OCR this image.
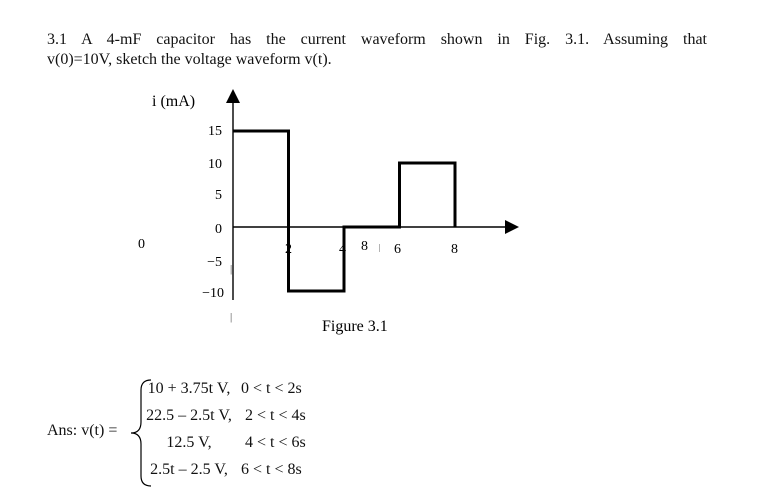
3.1 A 4-mF capacitor has the current waveform shown in Fig. 3.1. Assuming that
v(0)=10V, sketch the voltage waveform v(t).
i (mA)
15
10
5
0
−5
−10
0	2	4 8 6	8
|
|
|
Figure 3.1
Ans: v(t) =
10 + 3.75t V, 0 < t < 2s
22.5 – 2.5t V, 2 < t < 4s
12.5 V, 4 < t < 6s
2.5t – 2.5 V, 6 < t < 8s
